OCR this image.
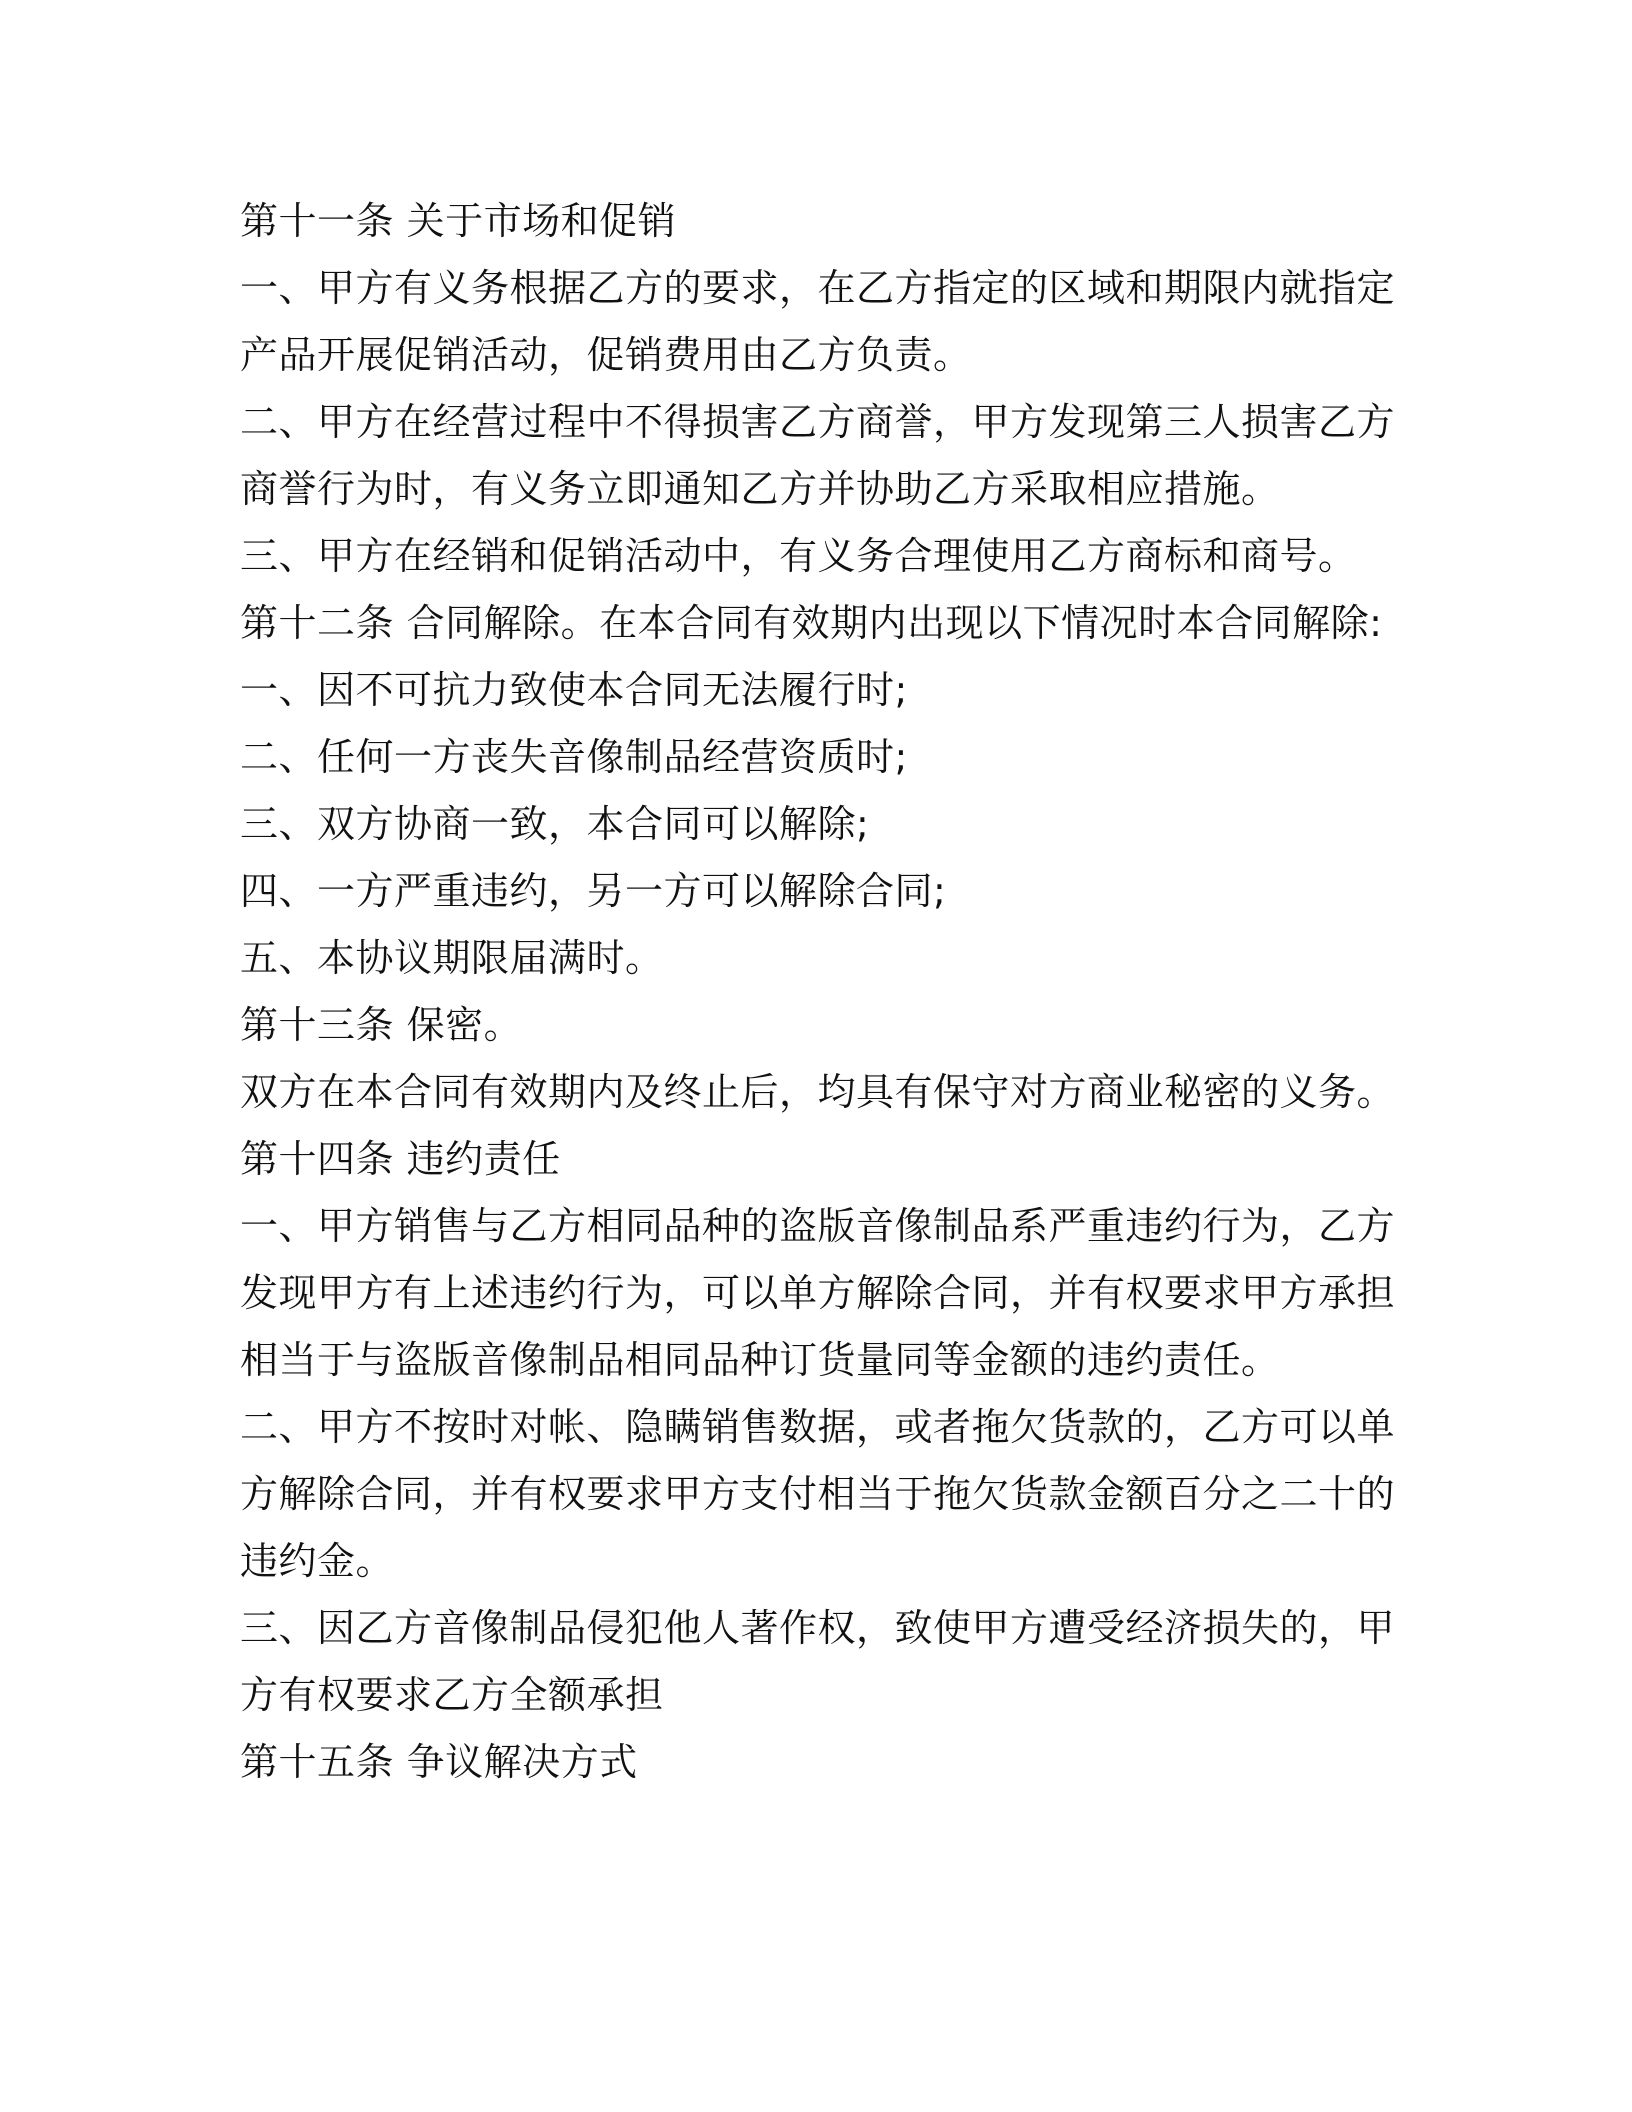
第十一条 关于市场和促销
一、甲方有义务根据乙方的要求，在乙方指定的区域和期限内就指定
产品开展促销活动，促销费用由乙方负责。
二、甲方在经营过程中不得损害乙方商誉，甲方发现第三人损害乙方
商誉行为时，有义务立即通知乙方并协助乙方采取相应措施。
三、甲方在经销和促销活动中，有义务合理使用乙方商标和商号。
第十二条 合同解除。在本合同有效期内出现以下情况时本合同解除:
一、因不可抗力致使本合同无法履行时;
二、任何一方丧失音像制品经营资质时;
三、双方协商一致，本合同可以解除;
四、一方严重违约，另一方可以解除合同;
五、本协议期限届满时。
第十三条 保密。
双方在本合同有效期内及终止后，均具有保守对方商业秘密的义务。
第十四条 违约责任
一、甲方销售与乙方相同品种的盗版音像制品系严重违约行为，乙方
发现甲方有上述违约行为，可以单方解除合同，并有权要求甲方承担
相当于与盗版音像制品相同品种订货量同等金额的违约责任。
二、甲方不按时对帐、隐瞒销售数据，或者拖欠货款的，乙方可以单
方解除合同，并有权要求甲方支付相当于拖欠货款金额百分之二十的
违约金。
三、因乙方音像制品侵犯他人著作权，致使甲方遭受经济损失的，甲
方有权要求乙方全额承担
第十五条 争议解决方式
